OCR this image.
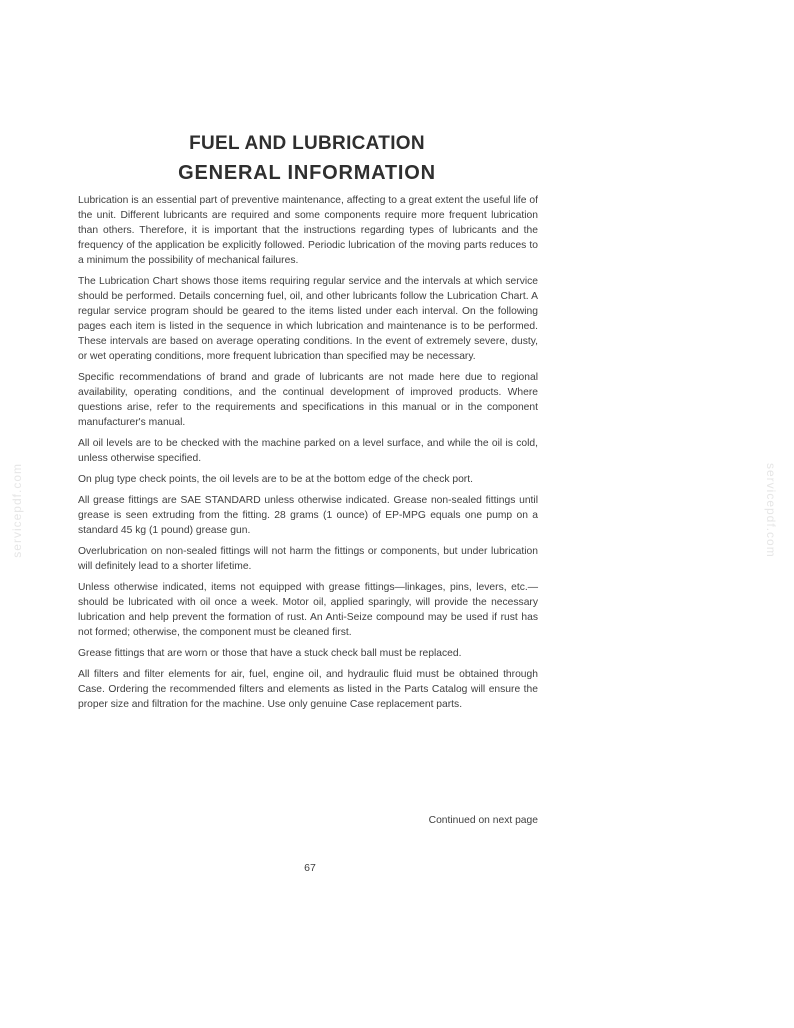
servicepdf.com	servicepdf.com
FUEL AND LUBRICATION
GENERAL INFORMATION

Lubrication is an essential part of preventive maintenance, affecting to a great extent the useful life of the unit. Different lubricants are required and some components require more frequent lubrication than others. Therefore, it is important that the instructions regarding types of lubricants and the frequency of the application be explicitly followed. Periodic lubrication of the moving parts reduces to a minimum the possibility of mechanical failures.

The Lubrication Chart shows those items requiring regular service and the intervals at which service should be performed. Details concerning fuel, oil, and other lubricants follow the Lubrication Chart. A regular service program should be geared to the items listed under each interval. On the following pages each item is listed in the sequence in which lubrication and maintenance is to be performed. These intervals are based on average operating conditions. In the event of extremely severe, dusty, or wet operating conditions, more frequent lubrication than specified may be necessary.

Specific recommendations of brand and grade of lubricants are not made here due to regional availability, operating conditions, and the continual development of improved products. Where questions arise, refer to the requirements and specifications in this manual or in the component manufacturer's manual.

All oil levels are to be checked with the machine parked on a level surface, and while the oil is cold, unless otherwise specified.

On plug type check points, the oil levels are to be at the bottom edge of the check port.

All grease fittings are SAE STANDARD unless otherwise indicated. Grease non-sealed fittings until grease is seen extruding from the fitting. 28 grams (1 ounce) of EP-MPG equals one pump on a standard 45 kg (1 pound) grease gun.

Overlubrication on non-sealed fittings will not harm the fittings or components, but under lubrication will definitely lead to a shorter lifetime.

Unless otherwise indicated, items not equipped with grease fittings—linkages, pins, levers, etc.—should be lubricated with oil once a week. Motor oil, applied sparingly, will provide the necessary lubrication and help prevent the formation of rust. An Anti-Seize compound may be used if rust has not formed; otherwise, the component must be cleaned first.

Grease fittings that are worn or those that have a stuck check ball must be replaced.

All filters and filter elements for air, fuel, engine oil, and hydraulic fluid must be obtained through Case. Ordering the recommended filters and elements as listed in the Parts Catalog will ensure the proper size and filtration for the machine. Use only genuine Case replacement parts.

Continued on next page
67
